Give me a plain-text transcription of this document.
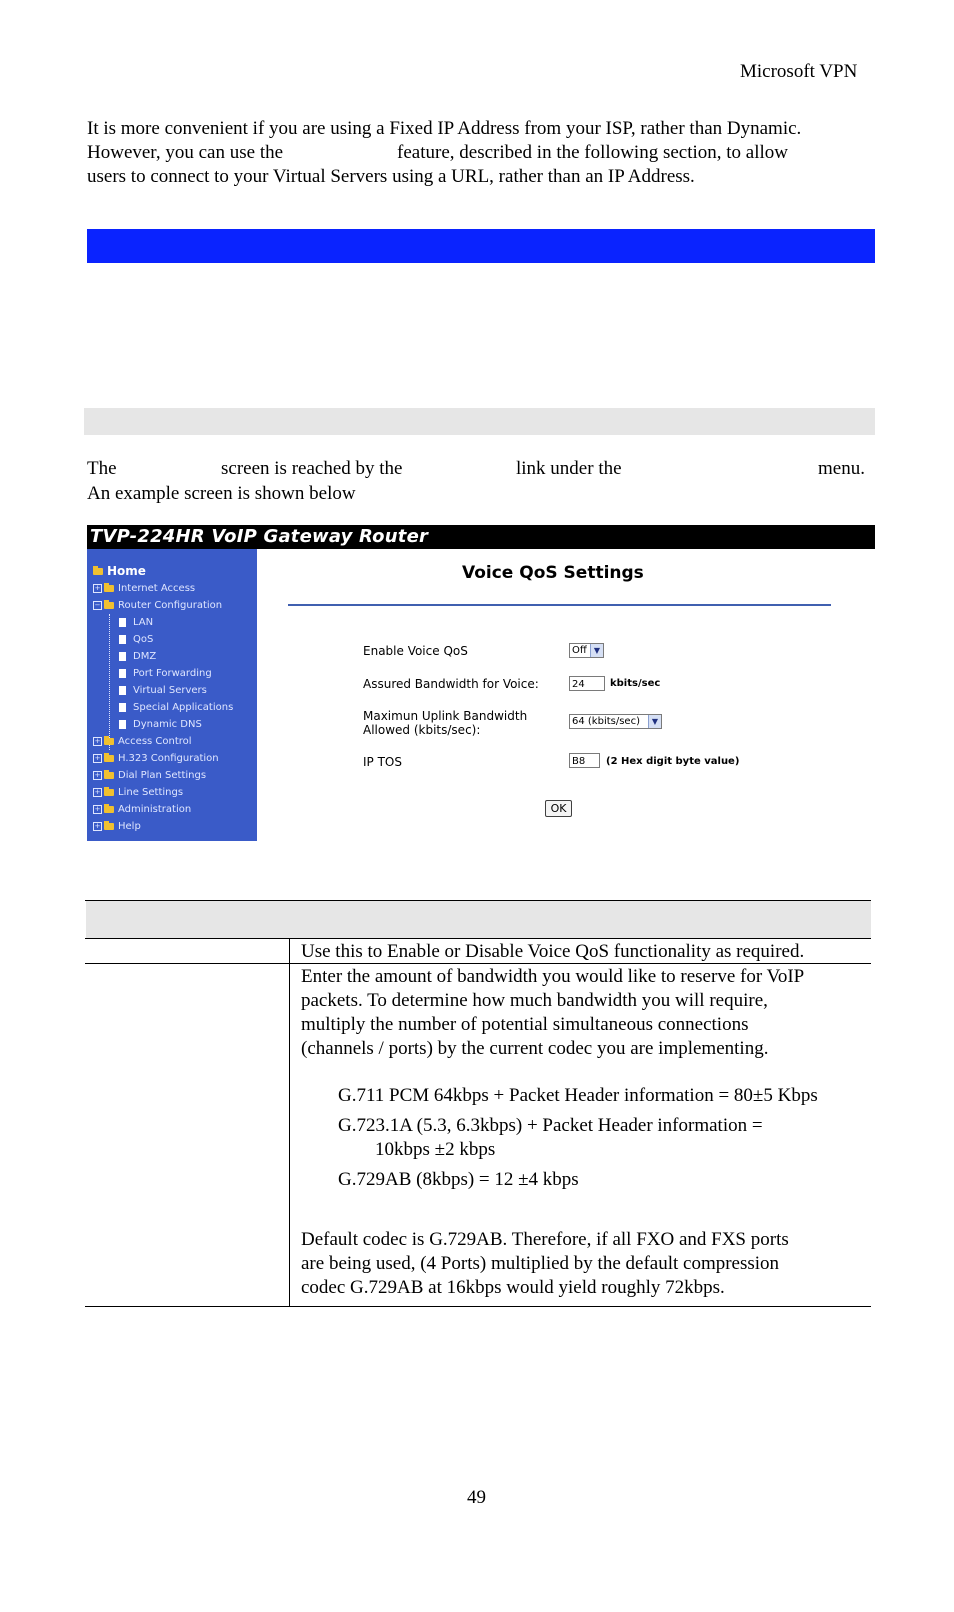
Microsoft VPN
It is more convenient if you are using a Fixed IP Address from your ISP, rather than Dynamic.
However, you can use the                        feature, described in the following section, to allow
users to connect to your Virtual Servers using a URL, rather than an IP Address.
The	screen is reached by the	link under the	menu.
An example screen is shown below
TVP-224HR VoIP Gateway Router
Home
+ Internet Access
− Router Configuration
LAN
QoS
DMZ
Port Forwarding
Virtual Servers
Special Applications
Dynamic DNS
+ Access Control
+ H.323 Configuration
+ Dial Plan Settings
+ Line Settings
+ Administration
+ Help
Voice QoS Settings
Enable Voice QoS	Off ▼
Assured Bandwidth for Voice:	24	kbits/sec
Maximun Uplink Bandwidth
Allowed (kbits/sec):
64 (kbits/sec)	▼
IP TOS	B8	(2 Hex digit byte value)
OK
Use this to Enable or Disable Voice QoS functionality as required.
Enter the amount of bandwidth you would like to reserve for VoIP
packets. To determine how much bandwidth you will require,
multiply the number of potential simultaneous connections
(channels / ports) by the current codec you are implementing.
G.711 PCM 64kbps + Packet Header information = 80±5 Kbps
G.723.1A (5.3, 6.3kbps) + Packet Header information =
10kbps ±2 kbps
G.729AB (8kbps) = 12 ±4 kbps
Default codec is G.729AB. Therefore, if all FXO and FXS ports
are being used, (4 Ports) multiplied by the default compression
codec G.729AB at 16kbps would yield roughly 72kbps.
49
